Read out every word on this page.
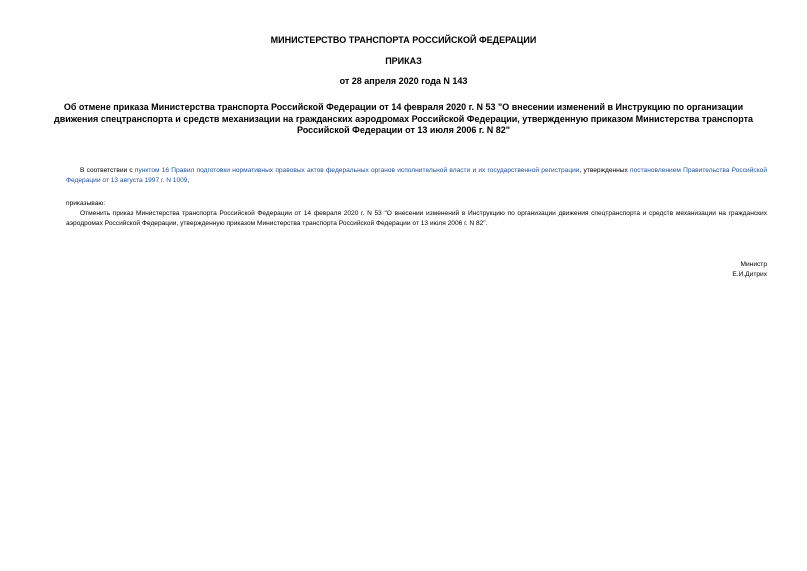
МИНИСТЕРСТВО ТРАНСПОРТА РОССИЙСКОЙ ФЕДЕРАЦИИ
ПРИКАЗ
от 28 апреля 2020 года N 143
Об отмене приказа Министерства транспорта Российской Федерации от 14 февраля 2020 г. N 53 "О внесении изменений в Инструкцию по организации движения спецтранспорта и средств механизации на гражданских аэродромах Российской Федерации, утвержденную приказом Министерства транспорта Российской Федерации от 13 июля 2006 г. N 82"
В соответствии с пунктом 16 Правил подготовки нормативных правовых актов федеральных органов исполнительной власти и их государственной регистрации, утвержденных постановлением Правительства Российской Федерации от 13 августа 1997 г. N 1009,
приказываю:
Отменить приказ Министерства транспорта Российской Федерации от 14 февраля 2020 г. N 53 "О внесении изменений в Инструкцию по организации движения спецтранспорта и средств механизации на гражданских аэродромах Российской Федерации, утвержденную приказом Министерства транспорта Российской Федерации от 13 июля 2006 г. N 82".
Министр
Е.И.Дитрих
